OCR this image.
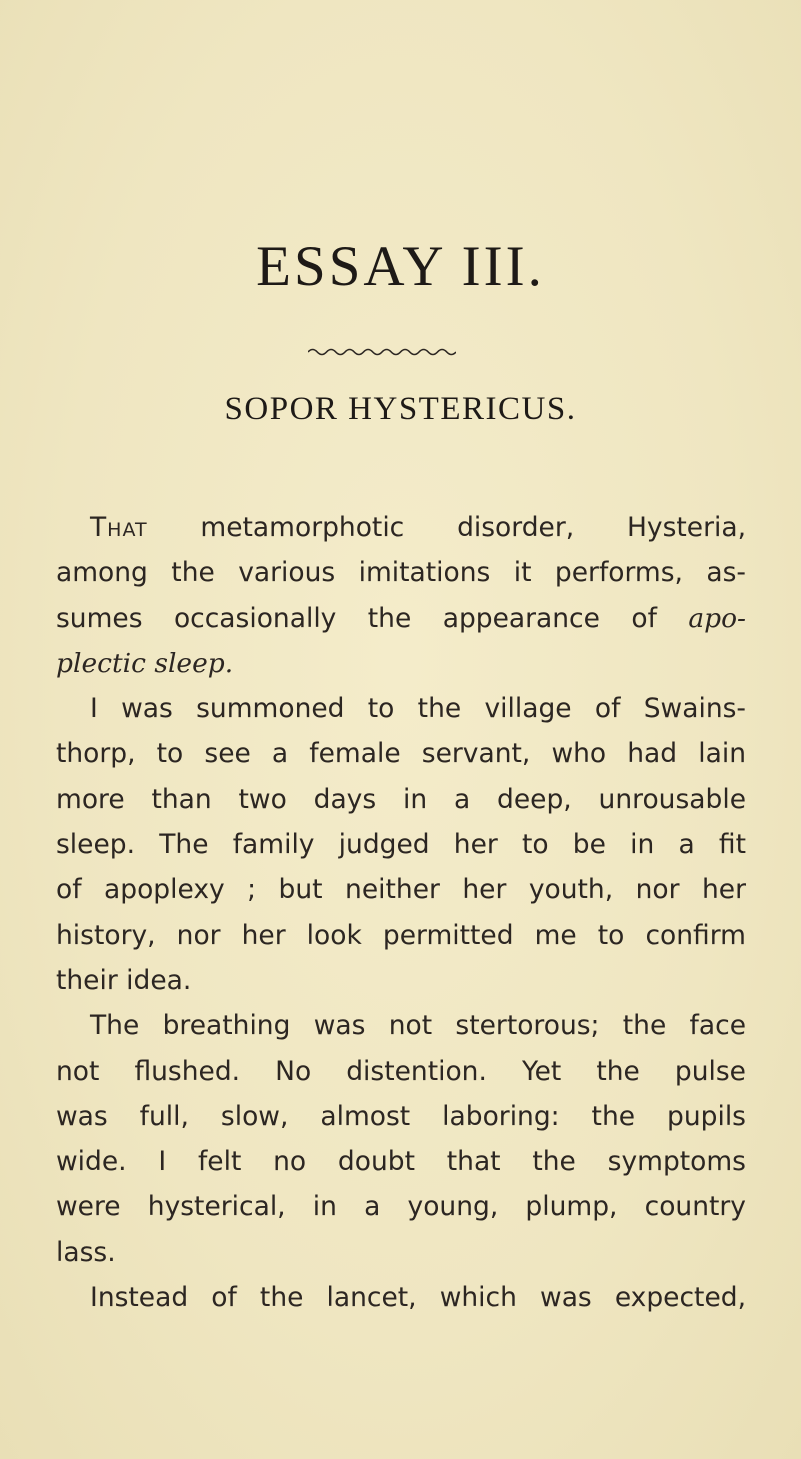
ESSAY III.
SOPOR HYSTERICUS.
That metamorphotic disorder, Hysteria,
among the various imitations it performs, as-
sumes occasionally the appearance of apo-
plectic sleep.
I was summoned to the village of Swains-
thorp, to see a female servant, who had lain
more than two days in a deep, unrousable
sleep. The family judged her to be in a fit
of apoplexy ; but neither her youth, nor her
history, nor her look permitted me to confirm
their idea.
The breathing was not stertorous; the face
not flushed. No distention. Yet the pulse
was full, slow, almost laboring: the pupils
wide. I felt no doubt that the symptoms
were hysterical, in a young, plump, country
lass.
Instead of the lancet, which was expected,
